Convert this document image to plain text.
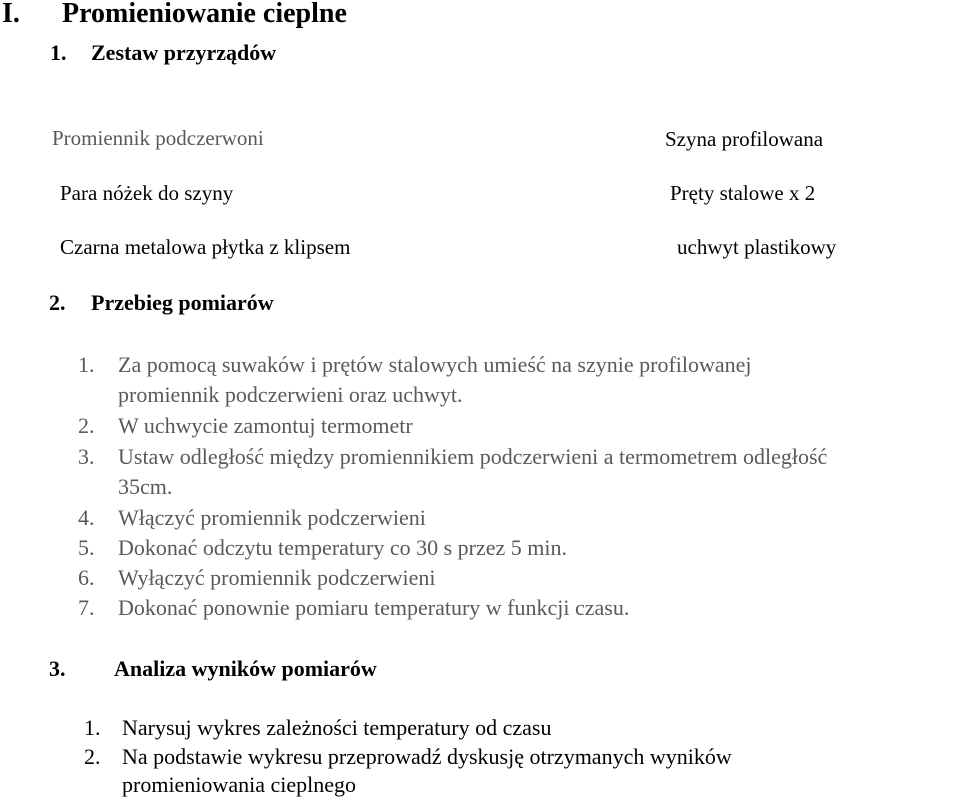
I. Promieniowanie cieplne
1. Zestaw przyrządów
Promiennik podczerwoni
Para nóżek do szyny
Czarna metalowa płytka z klipsem
Szyna profilowana
Pręty stalowe x 2
uchwyt plastikowy
2. Przebieg pomiarów
1. Za pomocą suwaków i prętów stalowych umieść na szynie profilowanej
promiennik podczerwieni oraz uchwyt.
2. W uchwycie zamontuj termometr
3. Ustaw odległość między promiennikiem podczerwieni a termometrem odległość
35cm.
4. Włączyć promiennik podczerwieni
5. Dokonać odczytu temperatury co 30 s przez 5 min.
6. Wyłączyć promiennik podczerwieni
7. Dokonać ponownie pomiaru temperatury w funkcji czasu.
3. Analiza wyników pomiarów
1. Narysuj wykres zależności temperatury od czasu
2. Na podstawie wykresu przeprowadź dyskusję otrzymanych wyników
promieniowania cieplnego
